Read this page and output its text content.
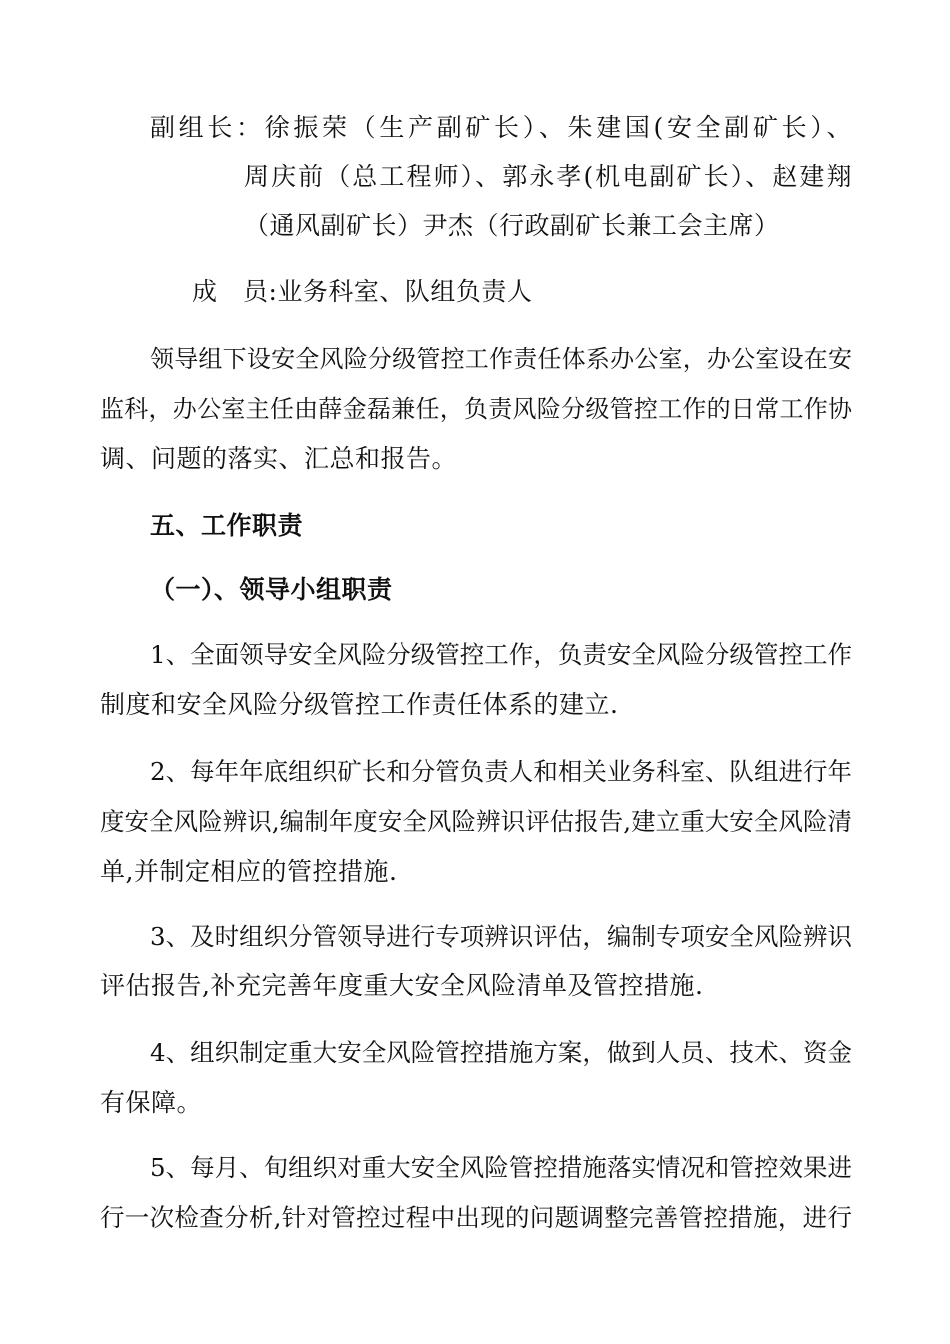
副组长：徐振荣（生产副矿长）、朱建国(安全副矿长）、
周庆前（总工程师）、郭永孝(机电副矿长）、赵建翔
（通风副矿长）尹杰（行政副矿长兼工会主席）
成　员:业务科室、队组负责人
领导组下设安全风险分级管控工作责任体系办公室，办公室设在安
监科，办公室主任由薛金磊兼任，负责风险分级管控工作的日常工作协
调、问题的落实、汇总和报告。
五、工作职责
（一）、领导小组职责
1、全面领导安全风险分级管控工作，负责安全风险分级管控工作
制度和安全风险分级管控工作责任体系的建立.
2、每年年底组织矿长和分管负责人和相关业务科室、队组进行年
度安全风险辨识,编制年度安全风险辨识评估报告,建立重大安全风险清
单,并制定相应的管控措施.
3、及时组织分管领导进行专项辨识评估，编制专项安全风险辨识
评估报告,补充完善年度重大安全风险清单及管控措施.
4、组织制定重大安全风险管控措施方案，做到人员、技术、资金
有保障。
5、每月、旬组织对重大安全风险管控措施落实情况和管控效果进
行一次检查分析,针对管控过程中出现的问题调整完善管控措施，进行
